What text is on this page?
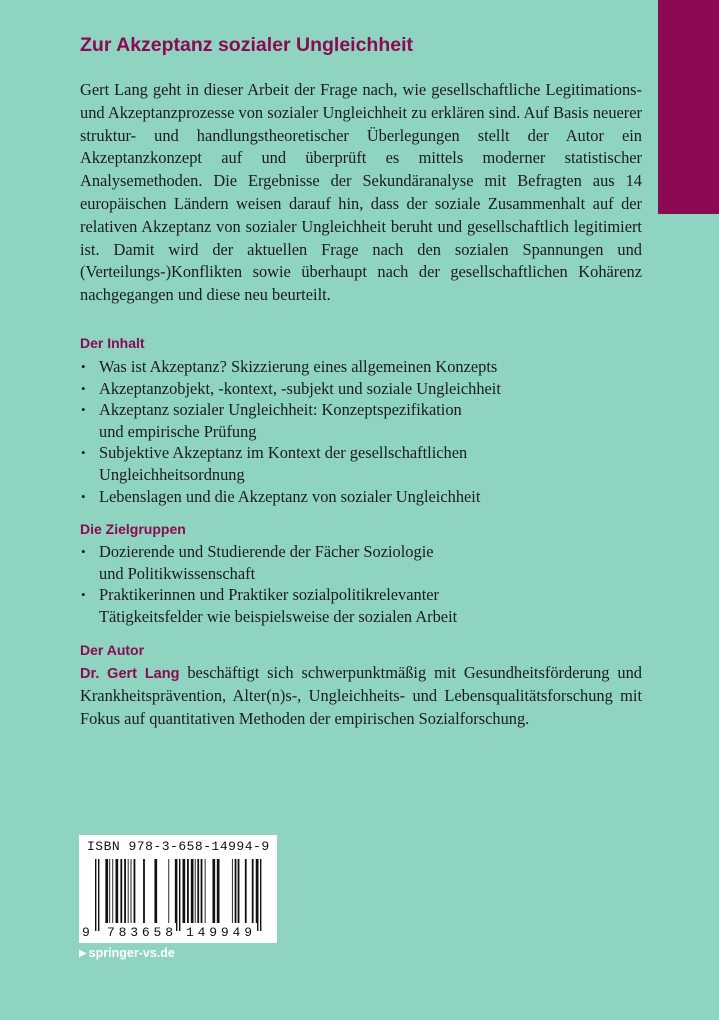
Zur Akzeptanz sozialer Ungleichheit

Gert Lang geht in dieser Arbeit der Frage nach, wie gesellschaftliche Legitimations- und Akzeptanzprozesse von sozialer Ungleichheit zu erklären sind. Auf Basis neuerer struktur- und handlungstheoretischer Überlegungen stellt der Autor ein Akzeptanzkonzept auf und überprüft es mittels moderner statistischer Analysemethoden. Die Ergebnisse der Sekundäranalyse mit Befragten aus 14 europäischen Ländern weisen darauf hin, dass der soziale Zusammenhalt auf der relativen Akzeptanz von sozialer Ungleichheit beruht und gesellschaftlich legitimiert ist. Damit wird der aktuellen Frage nach den sozialen Spannungen und (Verteilungs-)Konflikten sowie überhaupt nach der gesellschaftlichen Kohärenz nachgegangen und diese neu beurteilt.

Der Inhalt
• Was ist Akzeptanz? Skizzierung eines allgemeinen Konzepts
• Akzeptanzobjekt, -kontext, -subjekt und soziale Ungleichheit
• Akzeptanz sozialer Ungleichheit: Konzeptspezifikation
und empirische Prüfung
• Subjektive Akzeptanz im Kontext der gesellschaftlichen
Ungleichheitsordnung
• Lebenslagen und die Akzeptanz von sozialer Ungleichheit
Die Zielgruppen
• Dozierende und Studierende der Fächer Soziologie
und Politikwissenschaft
• Praktikerinnen und Praktiker sozialpolitikrelevanter
Tätigkeitsfelder wie beispielsweise der sozialen Arbeit
Der Autor

Dr. Gert Lang beschäftigt sich schwerpunktmäßig mit Gesundheitsförderung und Krankheitsprävention, Alter(n)s-, Ungleichheits- und Lebensqualitätsforschung mit Fokus auf quantitativen Methoden der empirischen Sozialforschung.

9 783658 149949

ISBN 978-3-658-14994-9

▶ springer-vs.de
